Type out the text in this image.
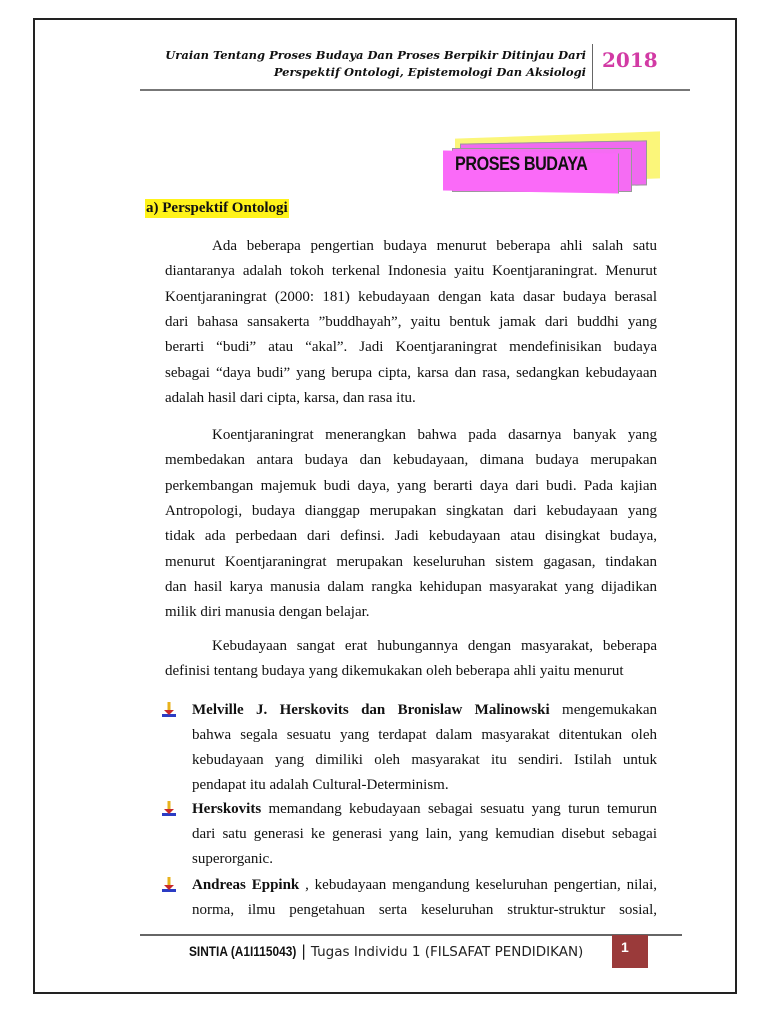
Uraian Tentang Proses Budaya Dan Proses Berpikir Ditinjau Dari
Perspektif Ontologi, Epistemologi Dan Aksiologi 2018
PROSES BUDAYA
a) Perspektif Ontologi
Ada beberapa pengertian budaya menurut beberapa ahli salah satu
diantaranya adalah tokoh terkenal Indonesia yaitu Koentjaraningrat. Menurut
Koentjaraningrat (2000: 181) kebudayaan dengan kata dasar budaya berasal
dari bahasa sansakerta ”buddhayah”, yaitu bentuk jamak dari buddhi yang
berarti “budi” atau “akal”. Jadi Koentjaraningrat mendefinisikan budaya
sebagai “daya budi” yang berupa cipta, karsa dan rasa, sedangkan kebudayaan
adalah hasil dari cipta, karsa, dan rasa itu.
Koentjaraningrat menerangkan bahwa pada dasarnya banyak yang
membedakan antara budaya dan kebudayaan, dimana budaya merupakan
perkembangan majemuk budi daya, yang berarti daya dari budi. Pada kajian
Antropologi, budaya dianggap merupakan singkatan dari kebudayaan yang
tidak ada perbedaan dari definsi. Jadi kebudayaan atau disingkat budaya,
menurut Koentjaraningrat merupakan keseluruhan sistem gagasan, tindakan
dan hasil karya manusia dalam rangka kehidupan masyarakat yang dijadikan
milik diri manusia dengan belajar.
Kebudayaan sangat erat hubungannya dengan masyarakat, beberapa
definisi tentang budaya yang dikemukakan oleh beberapa ahli yaitu menurut
Melville J. Herskovits dan Bronislaw Malinowski mengemukakan
bahwa segala sesuatu yang terdapat dalam masyarakat ditentukan oleh
kebudayaan yang dimiliki oleh masyarakat itu sendiri. Istilah untuk
pendapat itu adalah Cultural-Determinism.
Herskovits memandang kebudayaan sebagai sesuatu yang turun temurun
dari satu generasi ke generasi yang lain, yang kemudian disebut sebagai
superorganic.
Andreas Eppink , kebudayaan mengandung keseluruhan pengertian, nilai,
norma, ilmu pengetahuan serta keseluruhan struktur-struktur sosial,
SINTIA (A1I115043) | Tugas Individu 1 (FILSAFAT PENDIDIKAN)	1
